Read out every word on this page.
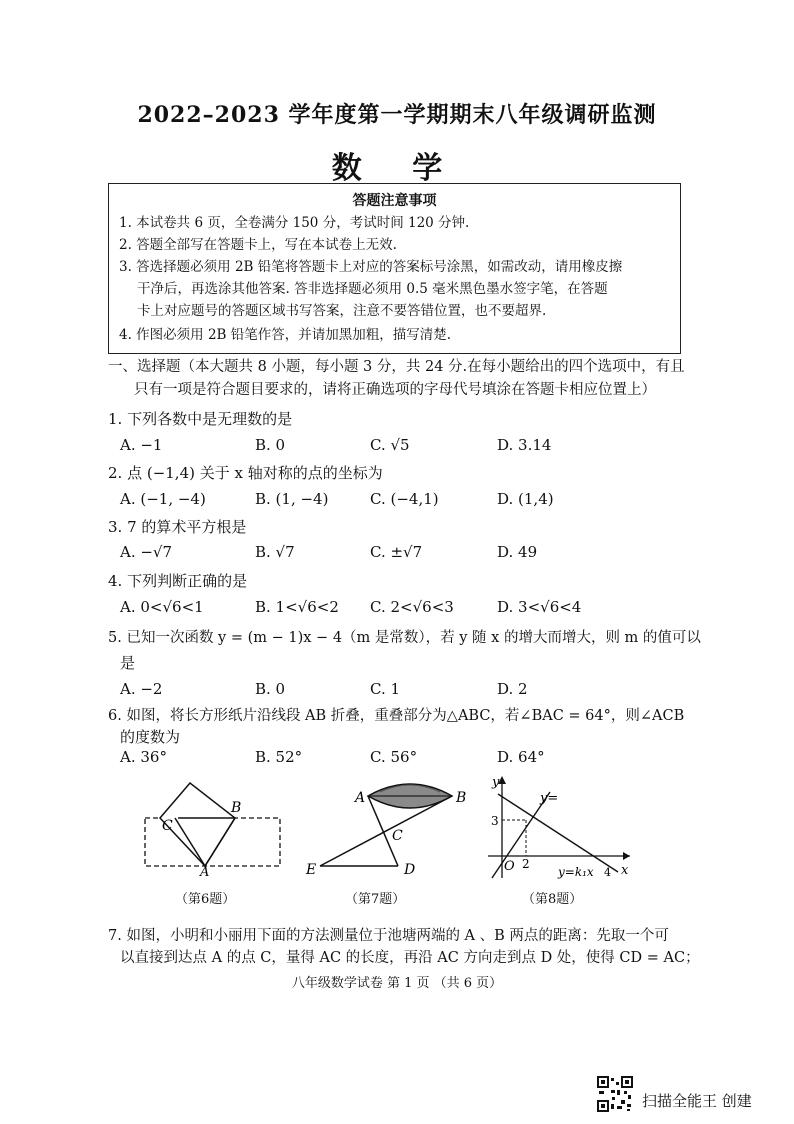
2022–2023 学年度第一学期期末八年级调研监测
数 学
答题注意事项
1. 本试卷共 6 页，全卷满分 150 分，考试时间 120 分钟.
2. 答题全部写在答题卡上，写在本试卷上无效.
3. 答选择题必须用 2B 铅笔将答题卡上对应的答案标号涂黑，如需改动，请用橡皮擦
干净后，再选涂其他答案. 答非选择题必须用 0.5 毫米黑色墨水签字笔，在答题
卡上对应题号的答题区域书写答案，注意不要答错位置，也不要超界.
4. 作图必须用 2B 铅笔作答，并请加黑加粗，描写清楚.
一、选择题（本大题共 8 小题，每小题 3 分，共 24 分.在每小题给出的四个选项中，有且
只有一项是符合题目要求的，请将正确选项的字母代号填涂在答题卡相应位置上）
1. 下列各数中是无理数的是
A. −1	B. 0	C. √5	D. 3.14
2. 点 (−1,4) 关于 x 轴对称的点的坐标为
A. (−1, −4)	B. (1, −4)	C. (−4,1)	D. (1,4)
3. 7 的算术平方根是
A. −√7	B. √7	C. ±√7	D. 49
4. 下列判断正确的是
A. 0<√6<1	B. 1<√6<2 C. 2<√6<3	D. 3<√6<4
5. 已知一次函数 y = (m − 1)x − 4（m 是常数），若 y 随 x 的增大而增大，则 m 的值可以
是
A. −2	B. 0	C. 1	D. 2
6. 如图，将长方形纸片沿线段 AB 折叠，重叠部分为△ABC，若∠BAC = 64°，则∠ACB
的度数为
A. 36°	B. 52°	C. 56°	D. 64°
B
C
A
（第6题）
A	B
C
E	D
（第7题）
y
y=
3
O 2
y=k₁x 4 x
（第8题）
7. 如图，小明和小丽用下面的方法测量位于池塘两端的 A 、B 两点的距离：先取一个可
以直接到达点 A 的点 C，量得 AC 的长度，再沿 AC 方向走到点 D 处，使得 CD = AC；
八年级数学试卷 第 1 页 （共 6 页）
扫描全能王 创建
